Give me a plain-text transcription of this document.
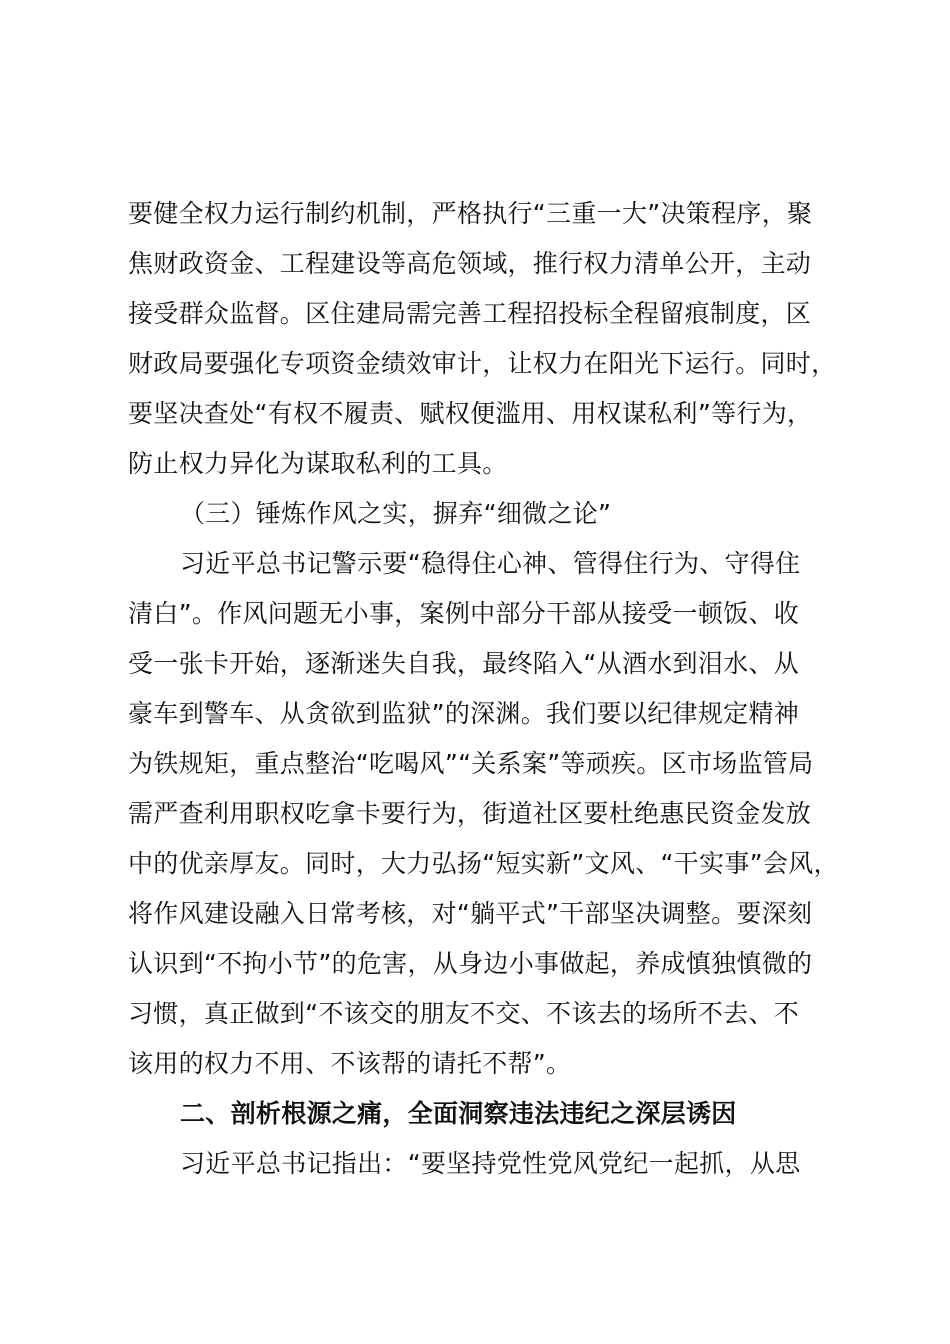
要健全权力运行制约机制，严格执行“三重一大”决策程序，聚
焦财政资金、工程建设等高危领域，推行权力清单公开，主动
接受群众监督。区住建局需完善工程招投标全程留痕制度，区
财政局要强化专项资金绩效审计，让权力在阳光下运行。同时，
要坚决查处“有权不履责、赋权便滥用、用权谋私利”等行为，
防止权力异化为谋取私利的工具。
（三）锤炼作风之实，摒弃“细微之论”
习近平总书记警示要“稳得住心神、管得住行为、守得住
清白”。作风问题无小事，案例中部分干部从接受一顿饭、收
受一张卡开始，逐渐迷失自我，最终陷入“从酒水到泪水、从
豪车到警车、从贪欲到监狱”的深渊。我们要以纪律规定精神
为铁规矩，重点整治“吃喝风”“关系案”等顽疾。区市场监管局
需严查利用职权吃拿卡要行为，街道社区要杜绝惠民资金发放
中的优亲厚友。同时，大力弘扬“短实新”文风、“干实事”会风，
将作风建设融入日常考核，对“躺平式”干部坚决调整。要深刻
认识到“不拘小节”的危害，从身边小事做起，养成慎独慎微的
习惯，真正做到“不该交的朋友不交、不该去的场所不去、不
该用的权力不用、不该帮的请托不帮”。
二、剖析根源之痛，全面洞察违法违纪之深层诱因
习近平总书记指出：“要坚持党性党风党纪一起抓，从思
